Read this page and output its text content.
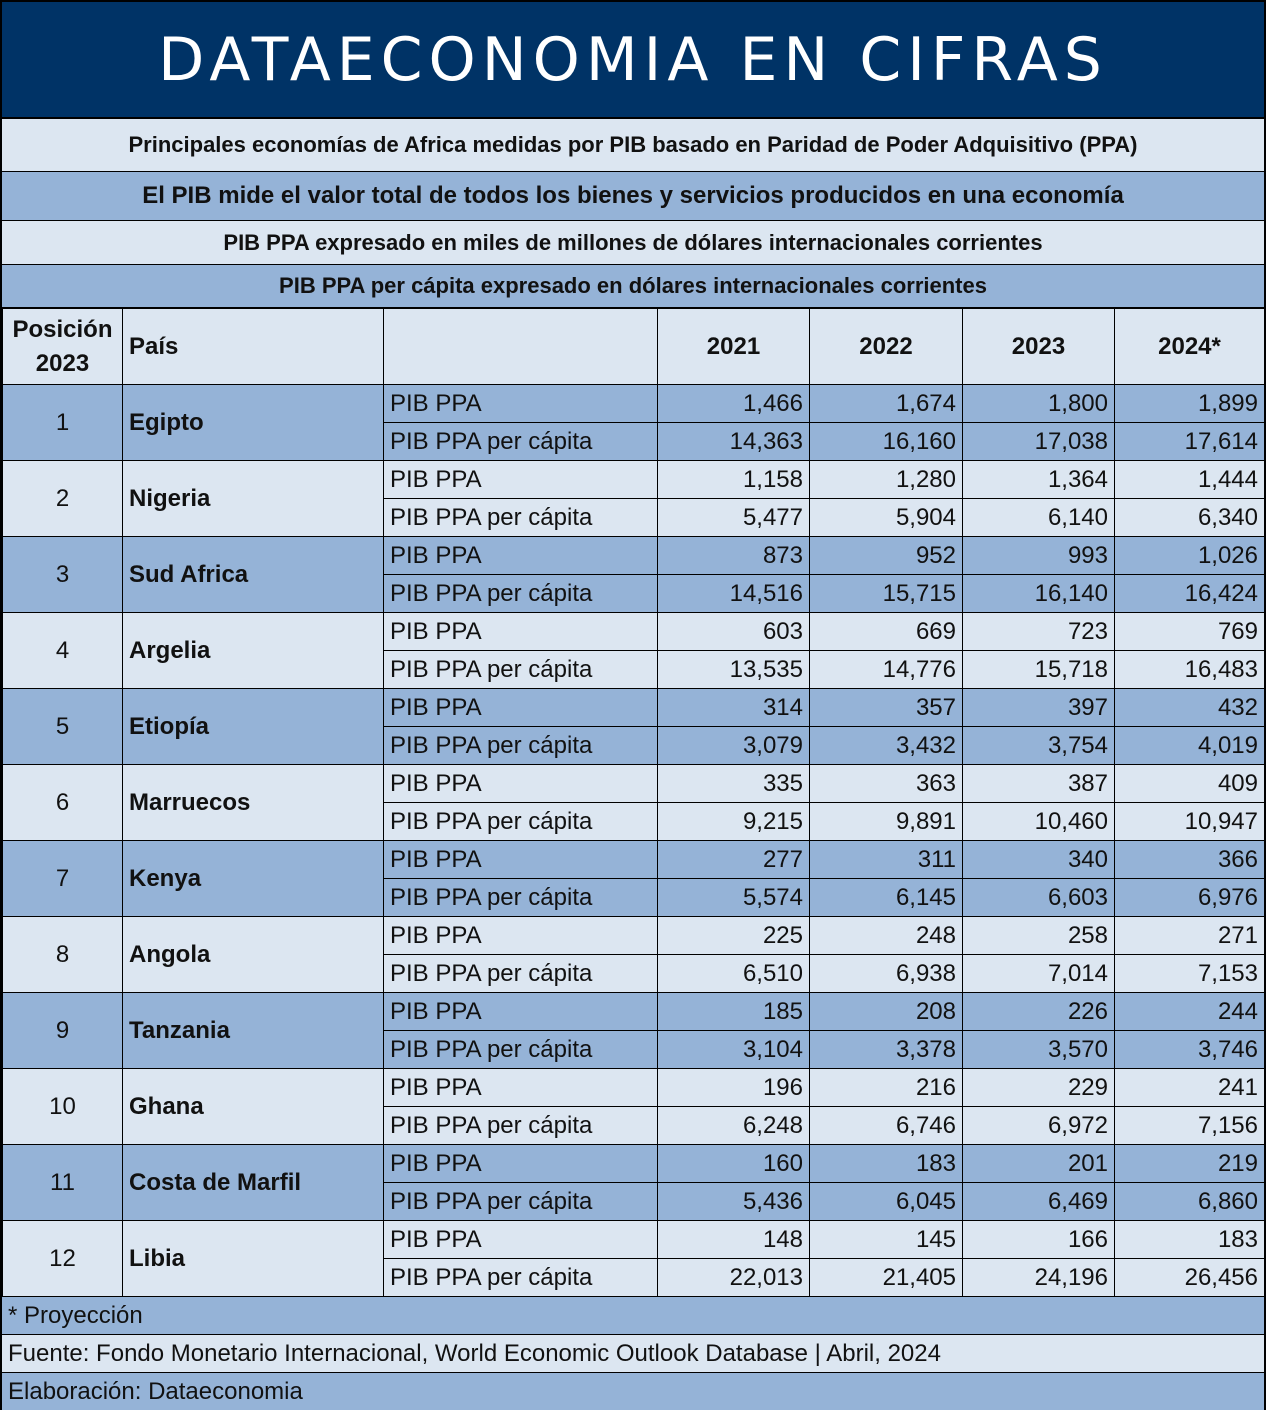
DATAECONOMIA EN CIFRAS
Principales economías de Africa medidas por PIB basado en Paridad de Poder Adquisitivo (PPA)
El PIB mide el valor total de todos los bienes y servicios producidos en una economía
PIB PPA expresado en miles de millones de dólares internacionales corrientes
PIB PPA per cápita expresado en dólares internacionales corrientes
Posición
2023	País		2021	2022	2023	2024*
1	Egipto	PIB PPA	1,466	1,674	1,800	1,899
		PIB PPA per cápita	14,363	16,160	17,038	17,614
2	Nigeria	PIB PPA	1,158	1,280	1,364	1,444
		PIB PPA per cápita	5,477	5,904	6,140	6,340
3	Sud Africa	PIB PPA	873	952	993	1,026
		PIB PPA per cápita	14,516	15,715	16,140	16,424
4	Argelia	PIB PPA	603	669	723	769
		PIB PPA per cápita	13,535	14,776	15,718	16,483
5	Etiopía	PIB PPA	314	357	397	432
		PIB PPA per cápita	3,079	3,432	3,754	4,019
6	Marruecos	PIB PPA	335	363	387	409
		PIB PPA per cápita	9,215	9,891	10,460	10,947
7	Kenya	PIB PPA	277	311	340	366
		PIB PPA per cápita	5,574	6,145	6,603	6,976
8	Angola	PIB PPA	225	248	258	271
		PIB PPA per cápita	6,510	6,938	7,014	7,153
9	Tanzania	PIB PPA	185	208	226	244
		PIB PPA per cápita	3,104	3,378	3,570	3,746
10	Ghana	PIB PPA	196	216	229	241
		PIB PPA per cápita	6,248	6,746	6,972	7,156
11	Costa de Marfil	PIB PPA	160	183	201	219
		PIB PPA per cápita	5,436	6,045	6,469	6,860
12	Libia	PIB PPA	148	145	166	183
		PIB PPA per cápita	22,013	21,405	24,196	26,456
* Proyección
Fuente: Fondo Monetario Internacional, World Economic Outlook Database | Abril, 2024
Elaboración: Dataeconomia
